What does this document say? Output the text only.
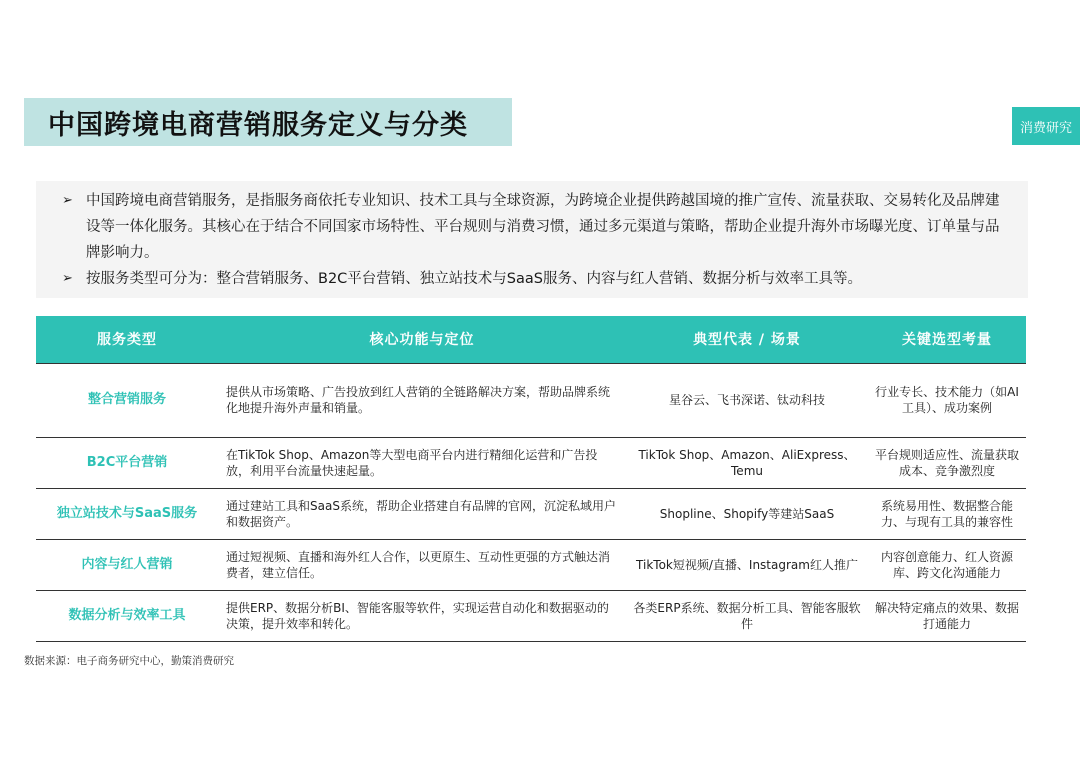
中国跨境电商营销服务定义与分类	消费研究
➢ 中国跨境电商营销服务，是指服务商依托专业知识、技术工具与全球资源，为跨境企业提供跨越国境的推广宣传、流量获取、交易转化及品牌建设等一体化服务。其核心在于结合不同国家市场特性、平台规则与消费习惯，通过多元渠道与策略，帮助企业提升海外市场曝光度、订单量与品牌影响力。
➢ 按服务类型可分为：整合营销服务、B2C平台营销、独立站技术与SaaS服务、内容与红人营销、数据分析与效率工具等。
服务类型	核心功能与定位	典型代表 / 场景	关键选型考量
整合营销服务	提供从市场策略、广告投放到红人营销的全链路解决方案，帮助品牌系统化地提升海外声量和销量。	星谷云、飞书深诺、钛动科技	行业专长、技术能力（如AI工具）、成功案例
B2C平台营销	在TikTok Shop、Amazon等大型电商平台内进行精细化运营和广告投放，利用平台流量快速起量。	TikTok Shop、Amazon、AliExpress、Temu	平台规则适应性、流量获取成本、竞争激烈度
独立站技术与SaaS服务	通过建站工具和SaaS系统，帮助企业搭建自有品牌的官网，沉淀私域用户和数据资产。	Shopline、Shopify等建站SaaS	系统易用性、数据整合能力、与现有工具的兼容性
内容与红人营销	通过短视频、直播和海外红人合作，以更原生、互动性更强的方式触达消费者，建立信任。	TikTok短视频/直播、Instagram红人推广	内容创意能力、红人资源库、跨文化沟通能力
数据分析与效率工具	提供ERP、数据分析BI、智能客服等软件，实现运营自动化和数据驱动的决策，提升效率和转化。	各类ERP系统、数据分析工具、智能客服软件	解决特定痛点的效果、数据打通能力
数据来源：电子商务研究中心，勤策消费研究
